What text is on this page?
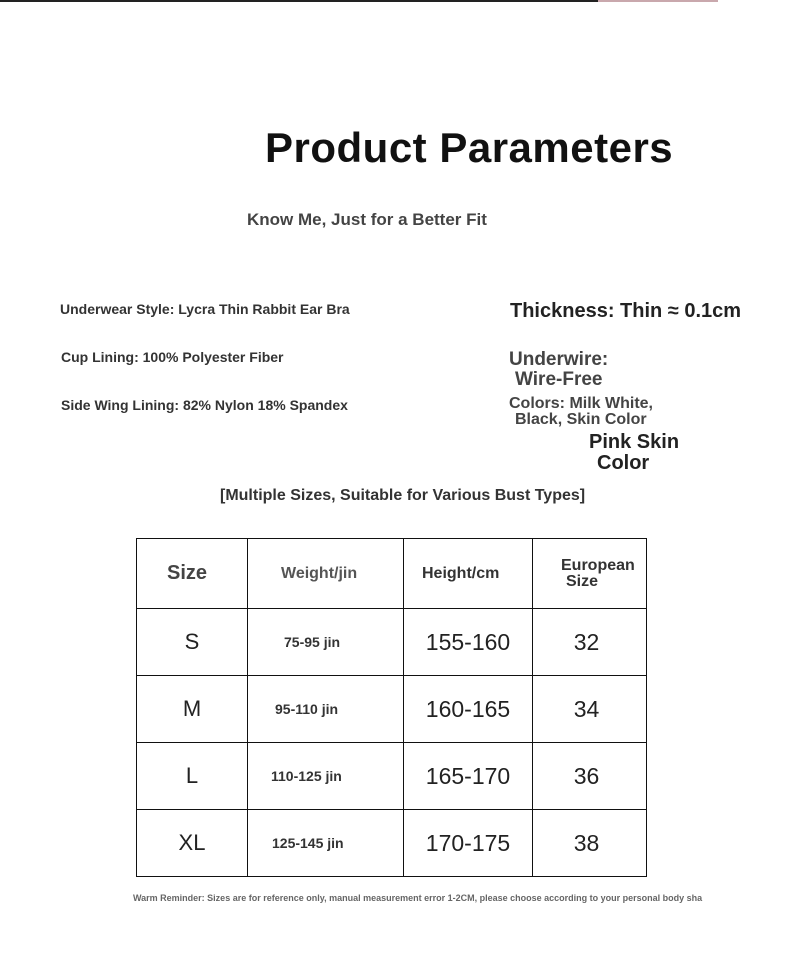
Product Parameters
Know Me, Just for a Better Fit
Underwear Style: Lycra Thin Rabbit Ear Bra
Cup Lining: 100% Polyester Fiber
Side Wing Lining: 82% Nylon 18% Spandex
Thickness: Thin ≈ 0.1cm
Underwire:
Wire-Free
Colors: Milk White,
Black, Skin Color
Pink Skin
Color
[Multiple Sizes, Suitable for Various Bust Types]
Size	Weight/jin	Height/cm	European
Size

S	75-95 jin	155-160	32
M	95-110 jin	160-165	34
L	110-125 jin	165-170	36
XL	125-145 jin	170-175	38
Warm Reminder: Sizes are for reference only, manual measurement error 1-2CM, please choose according to your personal body sha
